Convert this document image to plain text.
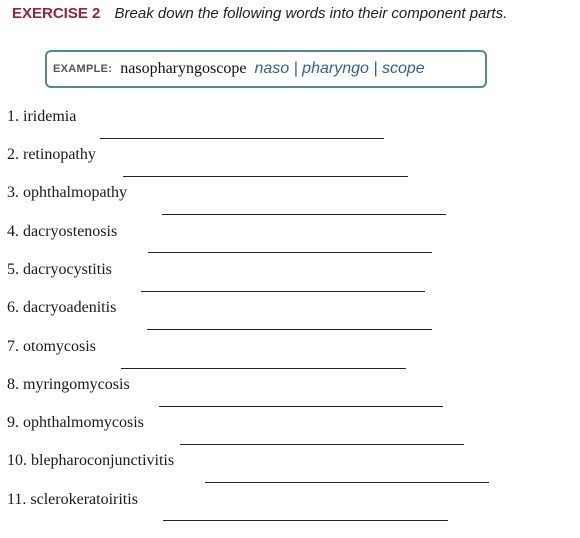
EXERCISE 2 Break down the following words into their component parts.
EXAMPLE: nasopharyngoscope naso | pharyngo | scope
1. iridemia
2. retinopathy
3. ophthalmopathy
4. dacryostenosis
5. dacryocystitis
6. dacryoadenitis
7. otomycosis
8. myringomycosis
9. ophthalmomycosis
10. blepharoconjunctivitis
11. sclerokeratoiritis
